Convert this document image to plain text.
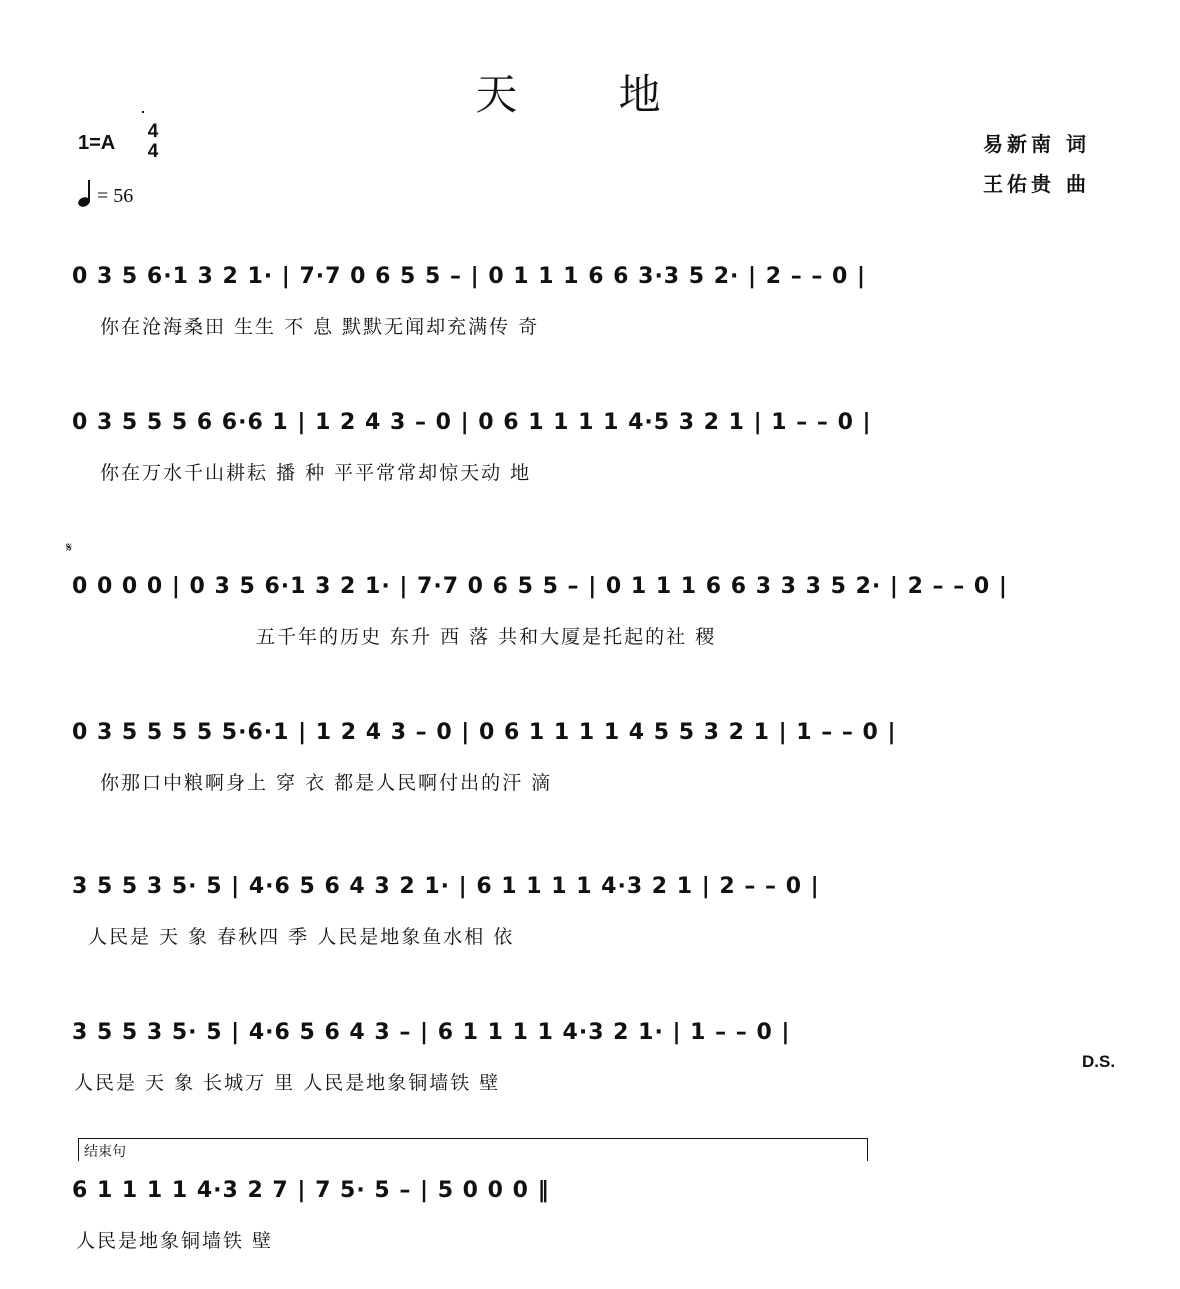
天 地
1=A
4
4
= 56
易新南 词
王佑贵 曲
0 3 5 6·1 3 2 1· | 7·7 0 6 5 5 – | 0 1 1 1 6 6 3·3 5 2· | 2 – – 0 |
你在沧海桑田 生生 不 息 默默无闻却充满传 奇
0 3 5 5 5 6 6·6 1 | 1 2 4 3 – 0 | 0 6 1 1 1 1 4·5 3 2 1 | 1 – – 0 |
你在万水千山耕耘 播 种 平平常常却惊天动 地
𝄋
0 0 0 0 | 0 3 5 6·1 3 2 1· | 7·7 0 6 5 5 – | 0 1 1 1 6 6 3 3 3 5 2· | 2 – – 0 |
五千年的历史 东升 西 落 共和大厦是托起的社 稷
0 3 5 5 5 5 5·6·1 | 1 2 4 3 – 0 | 0 6 1 1 1 1 4 5 5 3 2 1 | 1 – – 0 |
你那口中粮啊身上 穿 衣 都是人民啊付出的汗 滴
3 5 5 3 5· 5 | 4·6 5 6 4 3 2 1· | 6 1 1 1 1 4·3 2 1 | 2 – – 0 |
人民是 天 象 春秋四 季 人民是地象鱼水相 依
3 5 5 3 5· 5 | 4·6 5 6 4 3 – | 6 1 1 1 1 4·3 2 1· | 1 – – 0 |
人民是 天 象 长城万 里 人民是地象铜墙铁 壁
D.S.
结束句
6 1 1 1 1 4·3 2 7 | 7 5· 5 – | 5 0 0 0 ‖
人民是地象铜墙铁 壁
